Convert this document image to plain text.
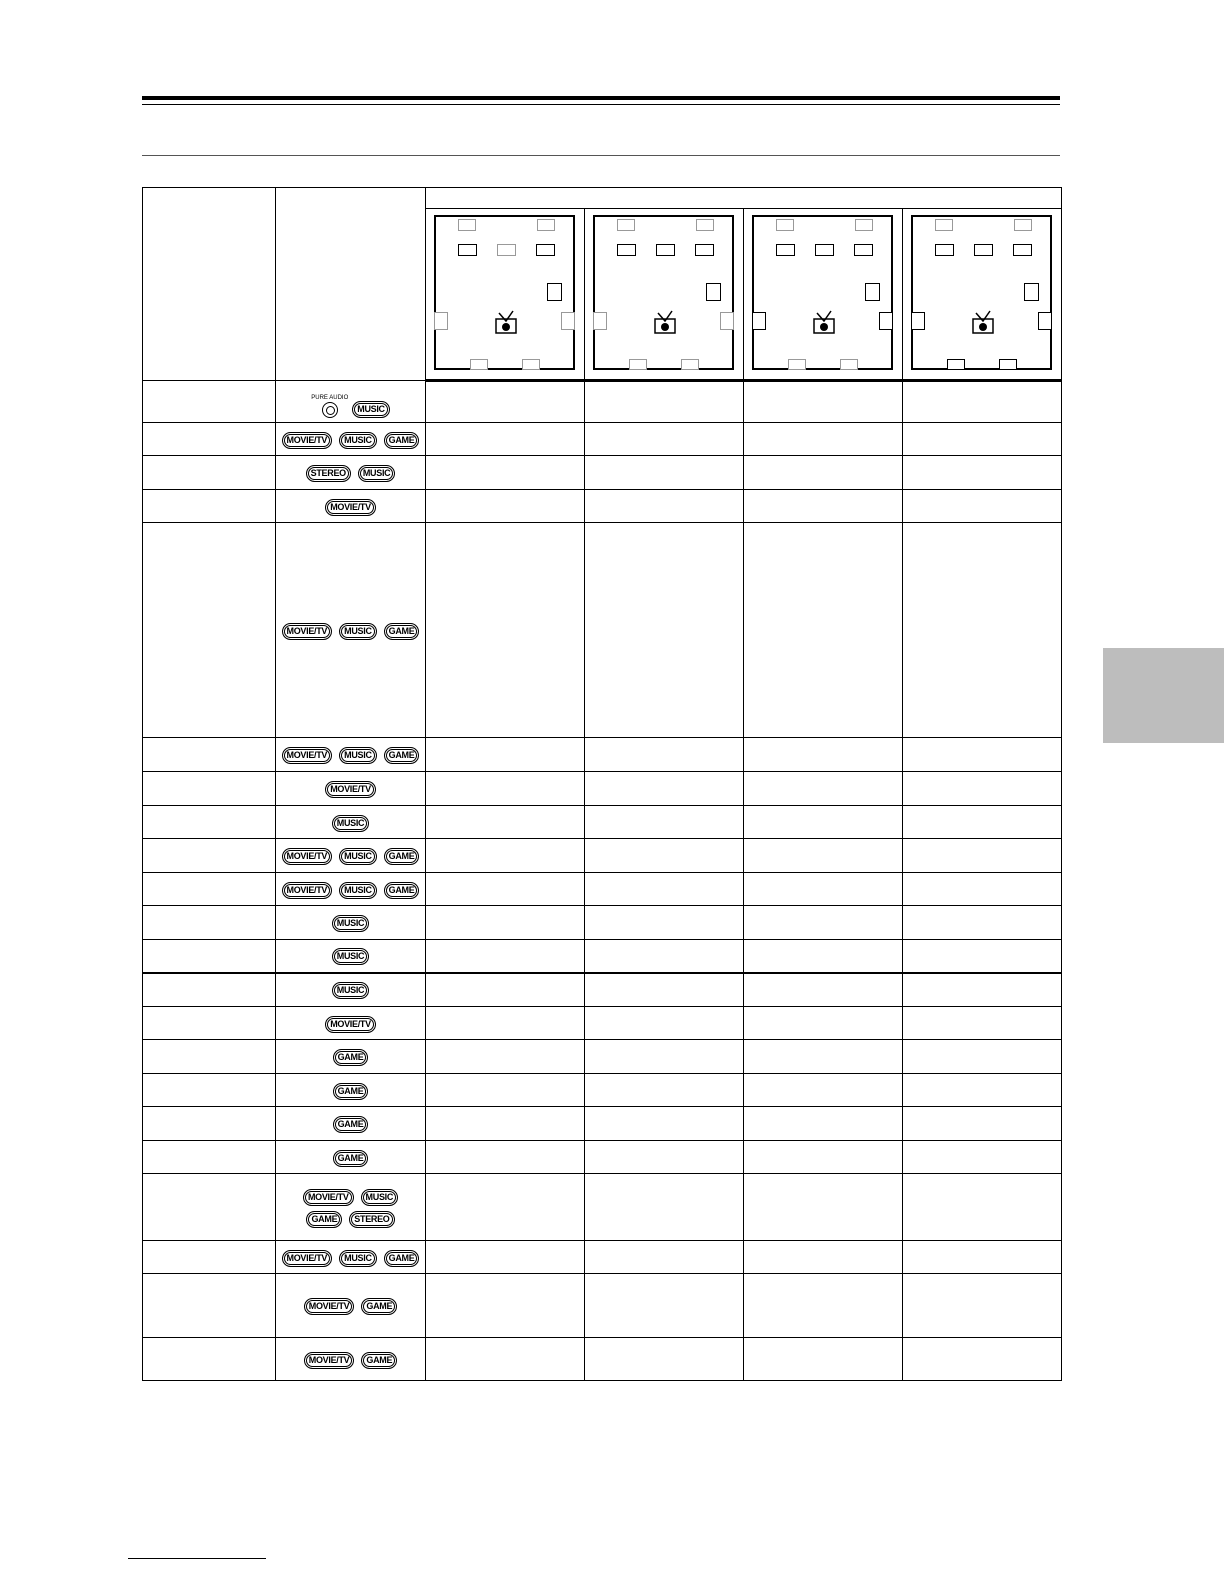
	PURE AUDIO
MUSIC				

	MOVIE/TV MUSIC GAME				

	STEREO MUSIC				

	MOVIE/TV				

	MOVIE/TV MUSIC GAME				

	MOVIE/TV MUSIC GAME				

	MOVIE/TV				

	MUSIC				

	MOVIE/TV MUSIC GAME				

	MOVIE/TV MUSIC GAME				

	MUSIC				

	MUSIC				

	MUSIC				

	MOVIE/TV				

	GAME				

	GAME				

	GAME				

	GAME				

	MOVIE/TV MUSIC
GAME STEREO				

	MOVIE/TV MUSIC GAME				

	MOVIE/TV GAME				

	MOVIE/TV GAME				
